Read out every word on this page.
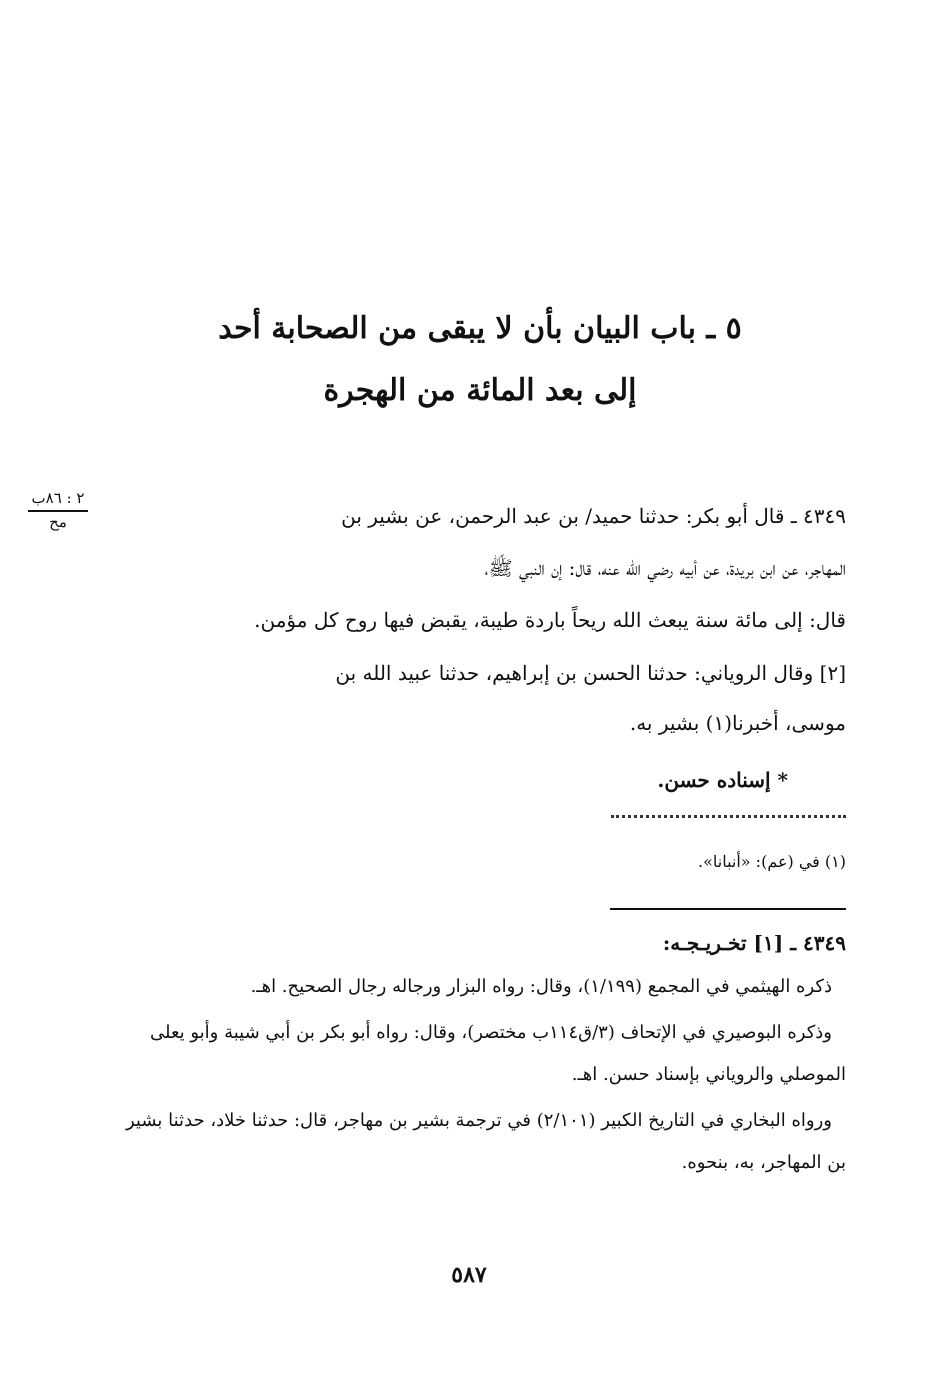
٥ ـ باب البيان بأن لا يبقى من الصحابة أحد
إلى بعد المائة من الهجرة
٢ : ٨٦ب
مح	٤٣٤٩ ـ قال أبو بكر: حدثنا حميد/ بن عبد الرحمن، عن بشير بن

المهاجر، عن ابن بريدة، عن أبيه رضي الله عنه، قال: إن النبي ﷺ،

قال: إلى مائة سنة يبعث الله ريحاً باردة طيبة، يقبض فيها روح كل مؤمن.

[٢] وقال الروياني: حدثنا الحسن بن إبراهيم، حدثنا عبيد الله بن

موسى، أخبرنا(١) بشير به.

* إسناده حسن.
(١) في (عم): «أنبانا».
٤٣٤٩ ـ [١] تخـريـجـه:

ذكره الهيثمي في المجمع (١/١٩٩)، وقال: رواه البزار ورجاله رجال الصحيح. اهـ.

وذكره البوصيري في الإتحاف (٣/ق١١٤ب مختصر)، وقال: رواه أبو بكر بن أبي شيبة وأبو يعلى الموصلي والروياني بإسناد حسن. اهـ.

ورواه البخاري في التاريخ الكبير (٢/١٠١) في ترجمة بشير بن مهاجر، قال: حدثنا خلاد، حدثنا بشير بن المهاجر، به، بنحوه.

٥٨٧
